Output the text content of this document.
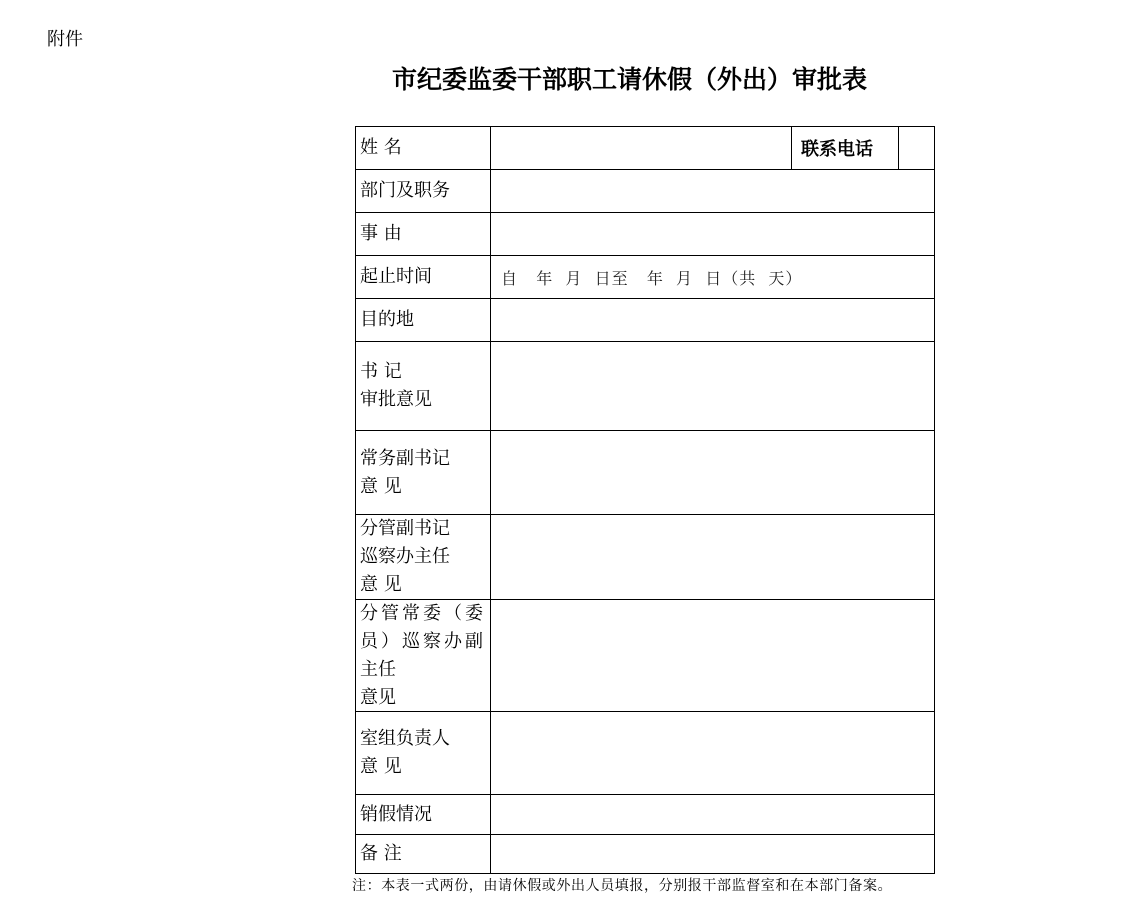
附件
市纪委监委干部职工请休假（外出）审批表
姓 名	联系电话
部门及职务
事 由
起止时间	自   年  月  日至   年  月  日（共  天）
目的地
书 记
审批意见
常务副书记
意 见
分管副书记
巡察办主任
意 见
分管常委（委
员）巡察办副
主任
意见
室组负责人
意 见
销假情况
备 注
注：本表一式两份，由请休假或外出人员填报，分别报干部监督室和在本部门备案。
